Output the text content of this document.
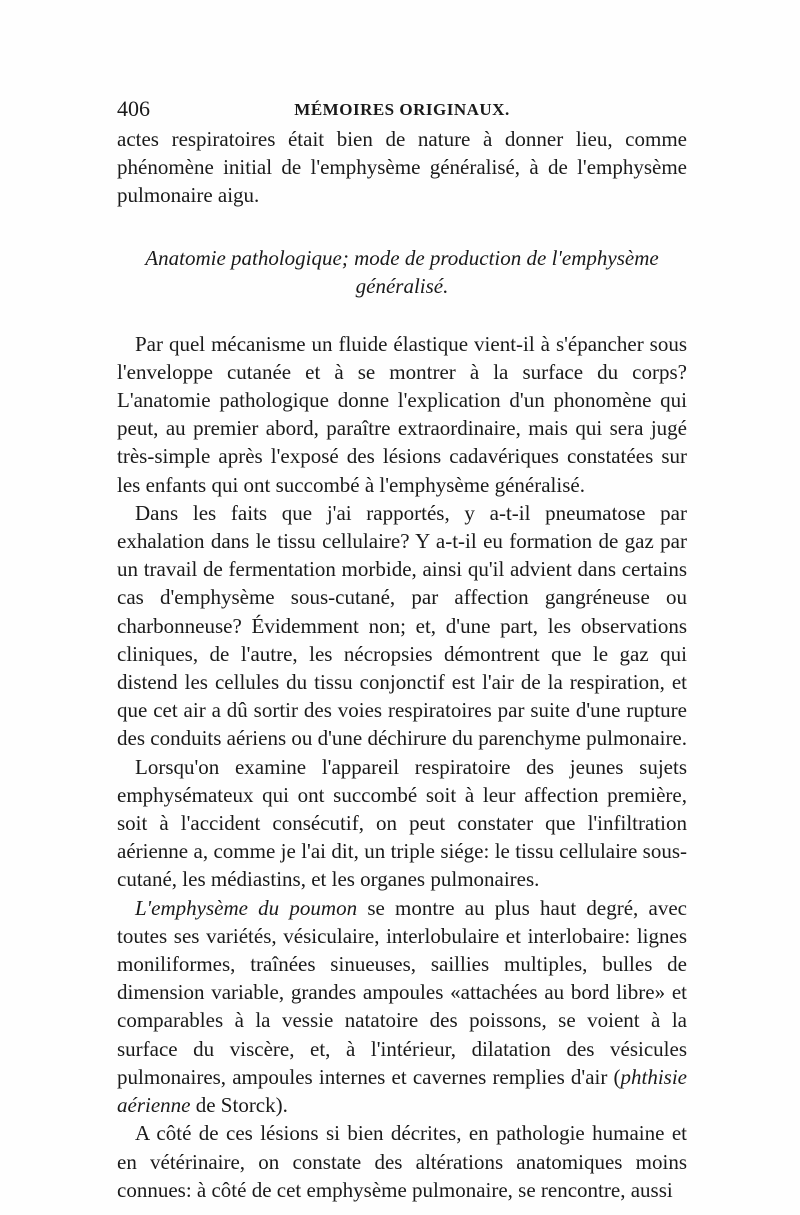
406	MÉMOIRES ORIGINAUX.

actes respiratoires était bien de nature à donner lieu, comme phénomène initial de l'emphysème généralisé, à de l'emphysème pulmonaire aigu.

Anatomie pathologique; mode de production de l'emphysème
généralisé.

Par quel mécanisme un fluide élastique vient-il à s'épancher sous l'enveloppe cutanée et à se montrer à la surface du corps? L'anatomie pathologique donne l'explication d'un phonomène qui peut, au premier abord, paraître extraordinaire, mais qui sera jugé très-simple après l'exposé des lésions cadavériques constatées sur les enfants qui ont succombé à l'emphysème généralisé.

Dans les faits que j'ai rapportés, y a-t-il pneumatose par exhalation dans le tissu cellulaire? Y a-t-il eu formation de gaz par un travail de fermentation morbide, ainsi qu'il advient dans certains cas d'emphysème sous-cutané, par affection gangréneuse ou charbonneuse? Évidemment non; et, d'une part, les observations cliniques, de l'autre, les nécropsies démontrent que le gaz qui distend les cellules du tissu conjonctif est l'air de la respiration, et que cet air a dû sortir des voies respiratoires par suite d'une rupture des conduits aériens ou d'une déchirure du parenchyme pulmonaire.

Lorsqu'on examine l'appareil respiratoire des jeunes sujets emphysémateux qui ont succombé soit à leur affection première, soit à l'accident consécutif, on peut constater que l'infiltration aérienne a, comme je l'ai dit, un triple siége: le tissu cellulaire sous-cutané, les médiastins, et les organes pulmonaires.

L'emphysème du poumon se montre au plus haut degré, avec toutes ses variétés, vésiculaire, interlobulaire et interlobaire: lignes moniliformes, traînées sinueuses, saillies multiples, bulles de dimension variable, grandes ampoules «attachées au bord libre» et comparables à la vessie natatoire des poissons, se voient à la surface du viscère, et, à l'intérieur, dilatation des vésicules pulmonaires, ampoules internes et cavernes remplies d'air (phthisie aérienne de Storck).

A côté de ces lésions si bien décrites, en pathologie humaine et en vétérinaire, on constate des altérations anatomiques moins connues: à côté de cet emphysème pulmonaire, se rencontre, aussi
